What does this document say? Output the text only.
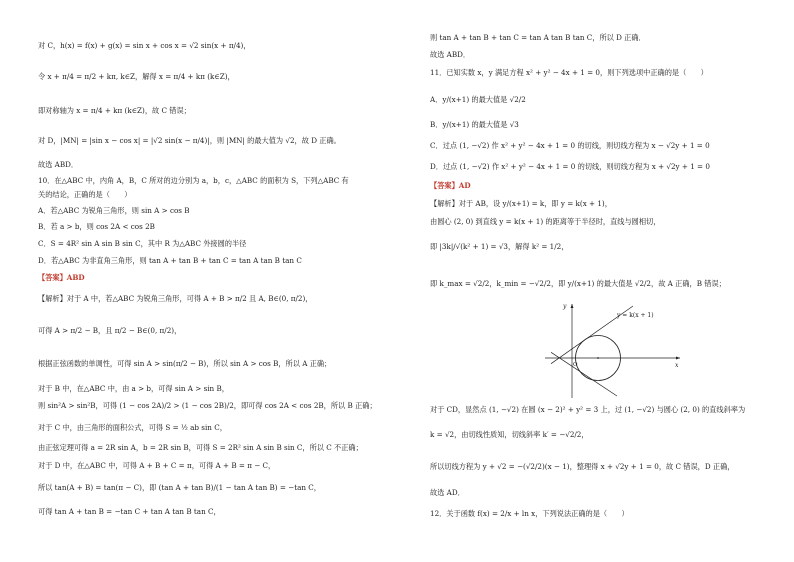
对 C，h(x) = f(x) + g(x) = sin x + cos x = √2 sin(x + π/4)，
令 x + π/4 = π/2 + kπ, k∈Z，解得 x = π/4 + kπ (k∈Z)，
即对称轴为 x = π/4 + kπ (k∈Z)，故 C 错误；
对 D，|MN| = |sin x − cos x| = |√2 sin(x − π/4)|，则 |MN| 的最大值为 √2，故 D 正确。
故选 ABD．
10．在△ABC 中，内角 A，B，C 所对的边分别为 a，b，c，△ABC 的面积为 S，下列△ABC 有
关的结论，正确的是（　　）
A．若△ABC 为锐角三角形，则 sin A > cos B
B．若 a > b，则 cos 2A < cos 2B
C．S = 4R² sin A sin B sin C，其中 R 为△ABC 外接圆的半径
D．若△ABC 为非直角三角形，则 tan A + tan B + tan C = tan A tan B tan C
【答案】ABD
【解析】对于 A 中，若△ABC 为锐角三角形，可得 A + B > π/2 且 A, B∈(0, π/2)，
可得 A > π/2 − B，且 π/2 − B∈(0, π/2)，
根据正弦函数的单调性，可得 sin A > sin(π/2 − B)，所以 sin A > cos B，所以 A 正确；
对于 B 中，在△ABC 中，由 a > b，可得 sin A > sin B，
则 sin²A > sin²B，可得 (1 − cos 2A)/2 > (1 − cos 2B)/2，即可得 cos 2A < cos 2B，所以 B 正确；
对于 C 中，由三角形的面积公式，可得 S = ½ ab sin C，
由正弦定理可得 a = 2R sin A，b = 2R sin B，可得 S = 2R² sin A sin B sin C，所以 C 不正确；
对于 D 中，在△ABC 中，可得 A + B + C = π，可得 A + B = π − C，
所以 tan(A + B) = tan(π − C)，即 (tan A + tan B)/(1 − tan A tan B) = −tan C，
可得 tan A + tan B = −tan C + tan A tan B tan C，
则 tan A + tan B + tan C = tan A tan B tan C，所以 D 正确．
故选 ABD．
11．已知实数 x，y 满足方程 x² + y² − 4x + 1 = 0，则下列选项中正确的是（　　）
A．y/(x+1) 的最大值是 √2/2
B．y/(x+1) 的最大值是 √3
C．过点 (1, −√2) 作 x² + y² − 4x + 1 = 0 的切线，则切线方程为 x − √2y + 1 = 0
D．过点 (1, −√2) 作 x² + y² − 4x + 1 = 0 的切线，则切线方程为 x + √2y + 1 = 0
【答案】AD
【解析】对于 AB，设 y/(x+1) = k，即 y = k(x + 1)，
由圆心 (2, 0) 到直线 y = k(x + 1) 的距离等于半径时，直线与圆相切，
即 |3k|/√(k² + 1) = √3，解得 k² = 1/2，
即 k_max = √2/2，k_min = −√2/2，即 y/(x+1) 的最大值是 √2/2，故 A 正确，B 错误；
y = k(x + 1)
y
x
O
对于 CD，显然点 (1, −√2) 在圆 (x − 2)² + y² = 3 上，过 (1, −√2) 与圆心 (2, 0) 的直线斜率为
k = √2，由切线性质知，切线斜率 k′ = −√2/2，
所以切线方程为 y + √2 = −(√2/2)(x − 1)，整理得 x + √2y + 1 = 0，故 C 错误，D 正确，
故选 AD．
12．关于函数 f(x) = 2/x + ln x，下列说法正确的是（　　）
